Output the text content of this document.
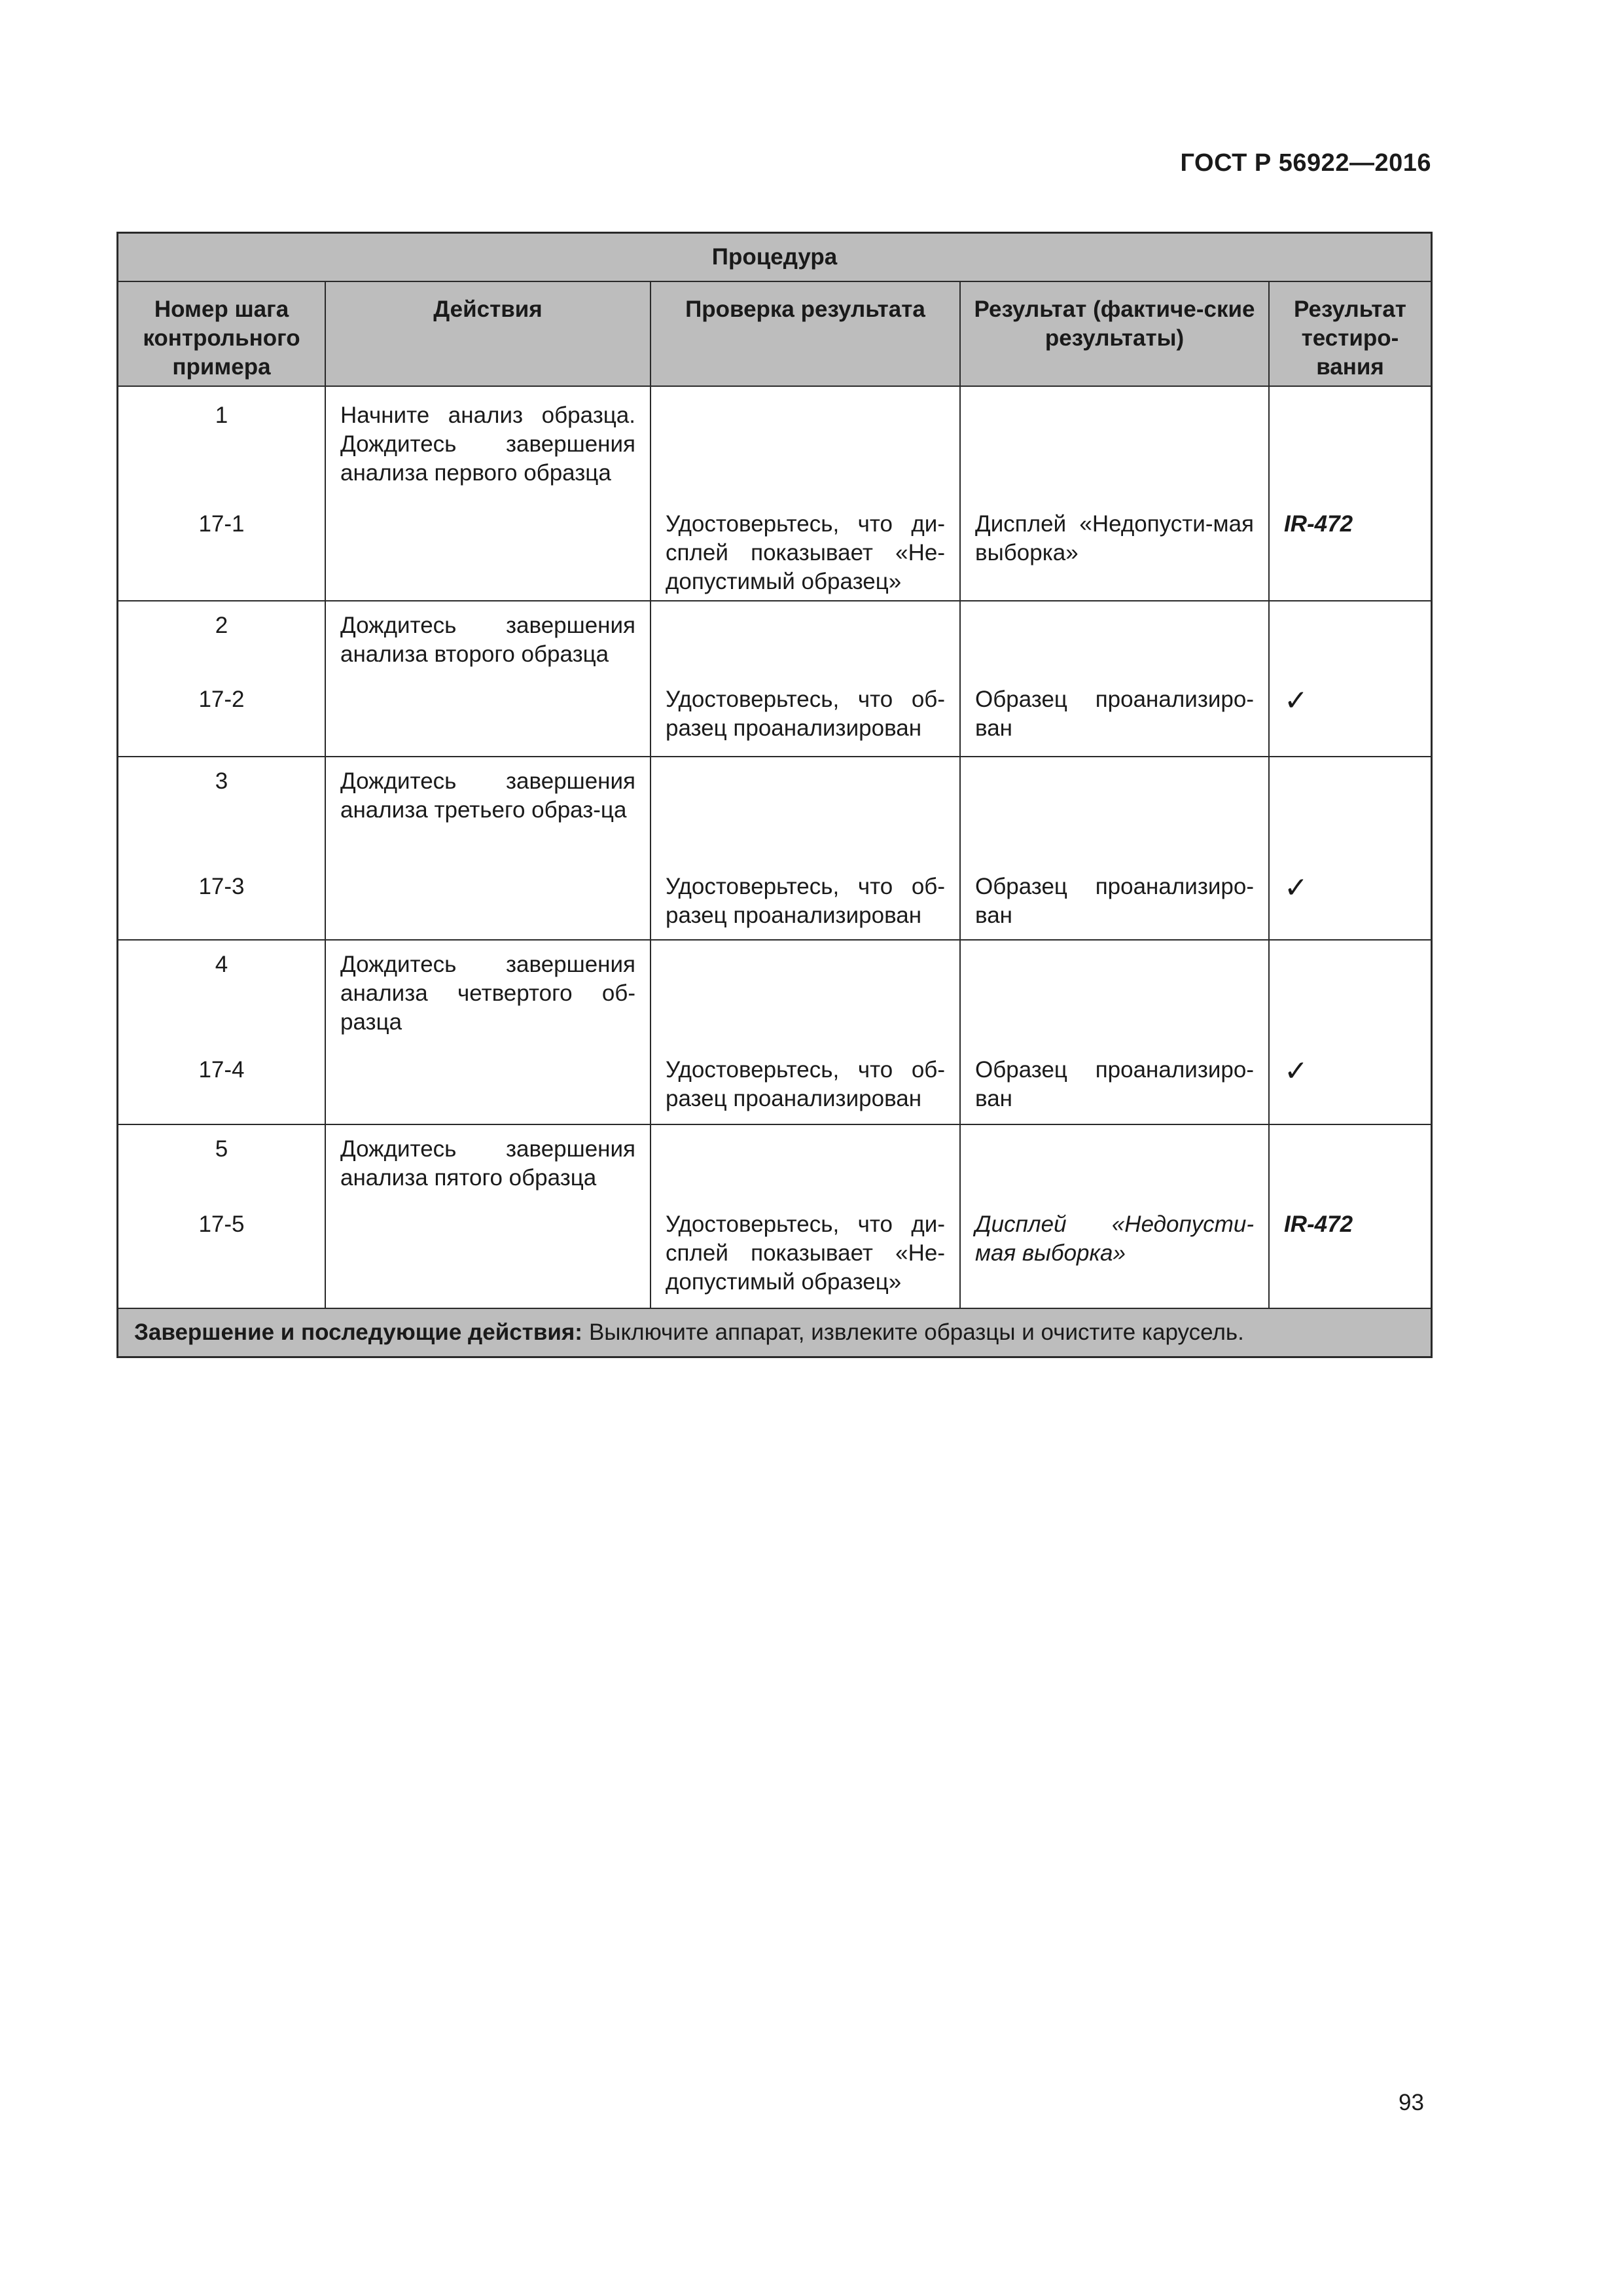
ГОСТ Р 56922—2016
Процедура
Номер шага контрольного примера
Действия	Проверка результата	Результат (фактиче-ские результаты)
Результат тестиро-вания
1
17-1
Начните анализ образца. Дождитесь завершения анализа первого образца
Удостоверьтесь, что ди-сплей показывает «Не-допустимый образец»
Дисплей «Недопусти-мая выборка»
IR-472
2
17-2
Дождитесь завершения анализа второго образца
Удостоверьтесь, что об-разец проанализирован
Образец проанализиро-ван
✓
3
17-3
Дождитесь завершения анализа третьего образ-ца
Удостоверьтесь, что об-разец проанализирован
Образец проанализиро-ван
✓
4
17-4
Дождитесь завершения анализа четвертого об-разца
Удостоверьтесь, что об-разец проанализирован
Образец проанализиро-ван
✓
5
17-5
Дождитесь завершения анализа пятого образца
Удостоверьтесь, что ди-сплей показывает «Не-допустимый образец»
Дисплей «Недопусти-мая выборка»
IR-472
Завершение и последующие действия: Выключите аппарат, извлеките образцы и очистите карусель.
93
